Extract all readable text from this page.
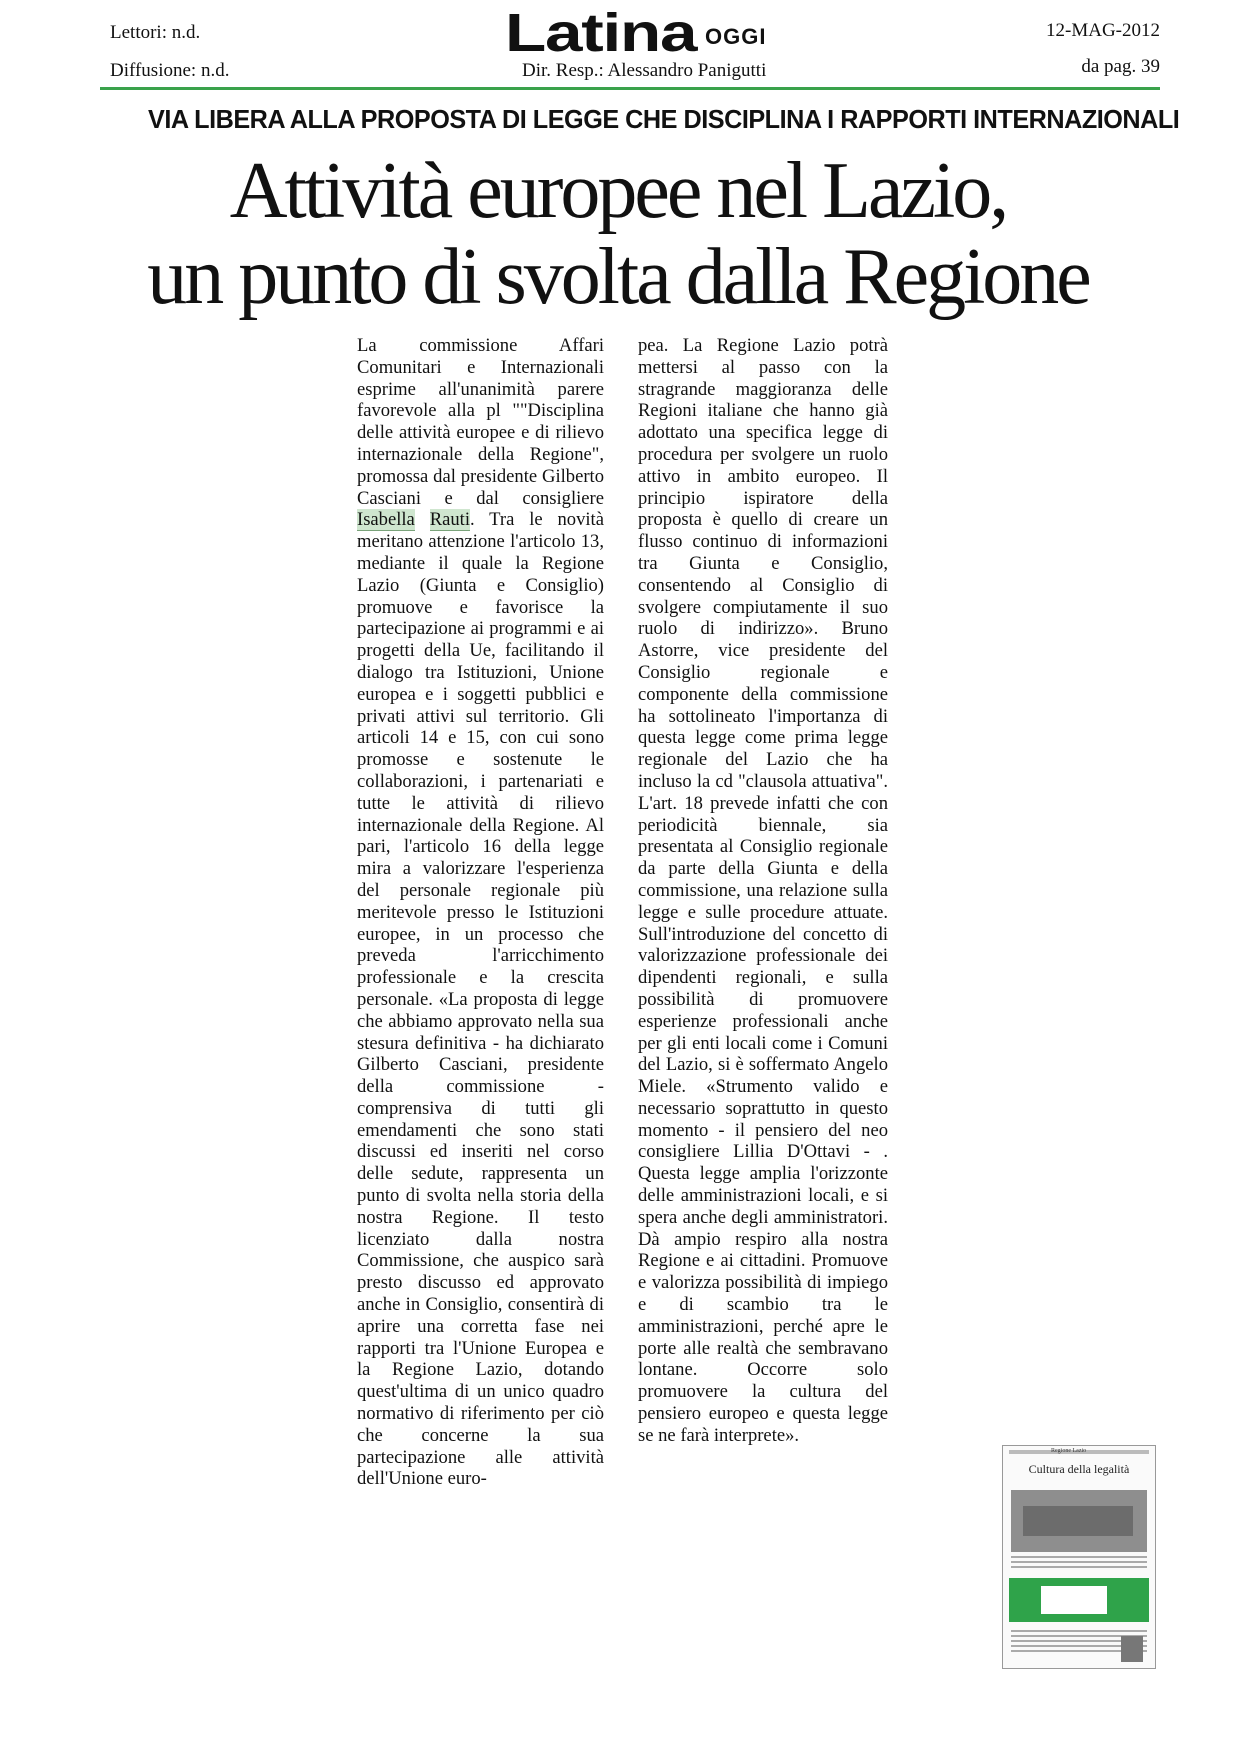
Lettori: n.d.
Diffusione: n.d.
Latina OGGI
Dir. Resp.: Alessandro Panigutti
12-MAG-2012
da pag. 39
VIA LIBERA ALLA PROPOSTA DI LEGGE CHE DISCIPLINA I RAPPORTI INTERNAZIONALI
Attività europee nel Lazio,
un punto di svolta dalla Regione
La commissione Affari Comunitari e Internazionali esprime all'unanimità parere favorevole alla pl ""Disciplina delle attività europee e di rilievo internazionale della Regione", promossa dal presidente Gilberto Casciani e dal consigliere Isabella Rauti. Tra le novità meritano attenzione l'articolo 13, mediante il quale la Regione Lazio (Giunta e Consiglio) promuove e favorisce la partecipazione ai programmi e ai progetti della Ue, facilitando il dialogo tra Istituzioni, Unione europea e i soggetti pubblici e privati attivi sul territorio. Gli articoli 14 e 15, con cui sono promosse e sostenute le collaborazioni, i partenariati e tutte le attività di rilievo internazionale della Regione. Al pari, l'articolo 16 della legge mira a valorizzare l'esperienza del personale regionale più meritevole presso le Istituzioni europee, in un processo che preveda l'arricchimento professionale e la crescita personale. «La proposta di legge che abbiamo approvato nella sua stesura definitiva - ha dichiarato Gilberto Casciani, presidente della commissione - comprensiva di tutti gli emendamenti che sono stati discussi ed inseriti nel corso delle sedute, rappresenta un punto di svolta nella storia della nostra Regione. Il testo licenziato dalla nostra Commissione, che auspico sarà presto discusso ed approvato anche in Consiglio, consentirà di aprire una corretta fase nei rapporti tra l'Unione Europea e la Regione Lazio, dotando quest'ultima di un unico quadro normativo di riferimento per ciò che concerne la sua partecipazione alle attività dell'Unione euro-
pea. La Regione Lazio potrà mettersi al passo con la stragrande maggioranza delle Regioni italiane che hanno già adottato una specifica legge di procedura per svolgere un ruolo attivo in ambito europeo. Il principio ispiratore della proposta è quello di creare un flusso continuo di informazioni tra Giunta e Consiglio, consentendo al Consiglio di svolgere compiutamente il suo ruolo di indirizzo». Bruno Astorre, vice presidente del Consiglio regionale e componente della commissione ha sottolineato l'importanza di questa legge come prima legge regionale del Lazio che ha incluso la cd "clausola attuativa". L'art. 18 prevede infatti che con periodicità biennale, sia presentata al Consiglio regionale da parte della Giunta e della commissione, una relazione sulla legge e sulle procedure attuate. Sull'introduzione del concetto di valorizzazione professionale dei dipendenti regionali, e sulla possibilità di promuovere esperienze professionali anche per gli enti locali come i Comuni del Lazio, si è soffermato Angelo Miele. «Strumento valido e necessario soprattutto in questo momento - il pensiero del neo consigliere Lillia D'Ottavi - . Questa legge amplia l'orizzonte delle amministrazioni locali, e si spera anche degli amministratori. Dà ampio respiro alla nostra Regione e ai cittadini. Promuove e valorizza possibilità di impiego e di scambio tra le amministrazioni, perché apre le porte alle realtà che sembravano lontane. Occorre solo promuovere la cultura del pensiero europeo e questa legge se ne farà interprete».
Regione Lazio
Cultura della legalità
